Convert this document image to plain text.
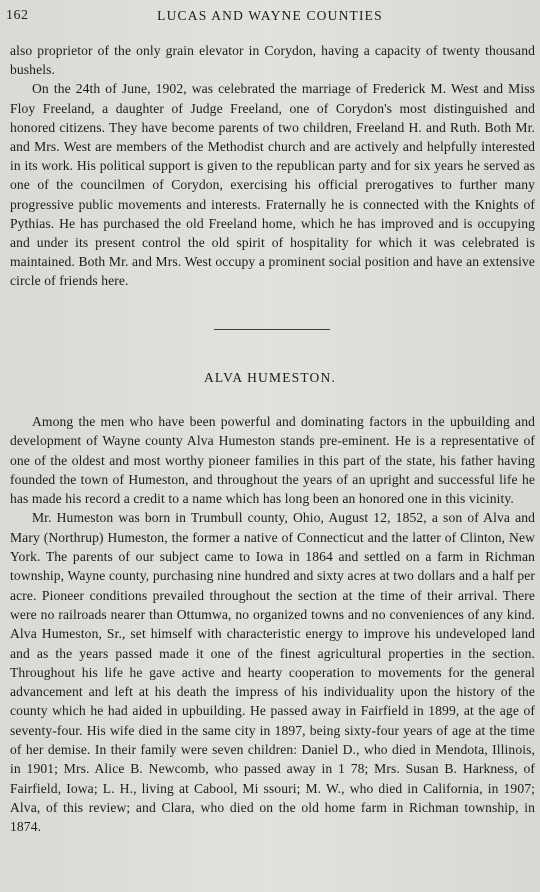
162	LUCAS AND WAYNE COUNTIES

also proprietor of the only grain elevator in Corydon, having a capacity of twenty thousand bushels.

On the 24th of June, 1902, was celebrated the marriage of Frederick M. West and Miss Floy Freeland, a daughter of Judge Freeland, one of Corydon's most distinguished and honored citizens. They have become parents of two children, Freeland H. and Ruth. Both Mr. and Mrs. West are members of the Methodist church and are actively and helpfully interested in its work. His political support is given to the republican party and for six years he served as one of the councilmen of Corydon, exercising his official prerogatives to further many progressive public movements and interests. Fraternally he is connected with the Knights of Pythias. He has purchased the old Freeland home, which he has improved and is occupying and under its present control the old spirit of hospitality for which it was celebrated is maintained. Both Mr. and Mrs. West occupy a prominent social position and have an extensive circle of friends here.

ALVA HUMESTON.

Among the men who have been powerful and dominating factors in the upbuilding and development of Wayne county Alva Humeston stands pre-eminent. He is a representative of one of the oldest and most worthy pioneer families in this part of the state, his father having founded the town of Humeston, and throughout the years of an upright and successful life he has made his record a credit to a name which has long been an honored one in this vicinity.

Mr. Humeston was born in Trumbull county, Ohio, August 12, 1852, a son of Alva and Mary (Northrup) Humeston, the former a native of Connecticut and the latter of Clinton, New York. The parents of our subject came to Iowa in 1864 and settled on a farm in Richman township, Wayne county, purchasing nine hundred and sixty acres at two dollars and a half per acre. Pioneer conditions prevailed throughout the section at the time of their arrival. There were no railroads nearer than Ottumwa, no organized towns and no conveniences of any kind. Alva Humeston, Sr., set himself with characteristic energy to improve his undeveloped land and as the years passed made it one of the finest agricultural properties in the section. Throughout his life he gave active and hearty cooperation to movements for the general advancement and left at his death the impress of his individuality upon the history of the county which he had aided in upbuilding. He passed away in Fairfield in 1899, at the age of seventy-four. His wife died in the same city in 1897, being sixty-four years of age at the time of her demise. In their family were seven children: Daniel D., who died in Mendota, Illinois, in 1901; Mrs. Alice B. Newcomb, who passed away in 1 78; Mrs. Susan B. Harkness, of Fairfield, Iowa; L. H., living at Cabool, Mi ssouri; M. W., who died in California, in 1907; Alva, of this review; and Clara, who died on the old home farm in Richman township, in 1874.
